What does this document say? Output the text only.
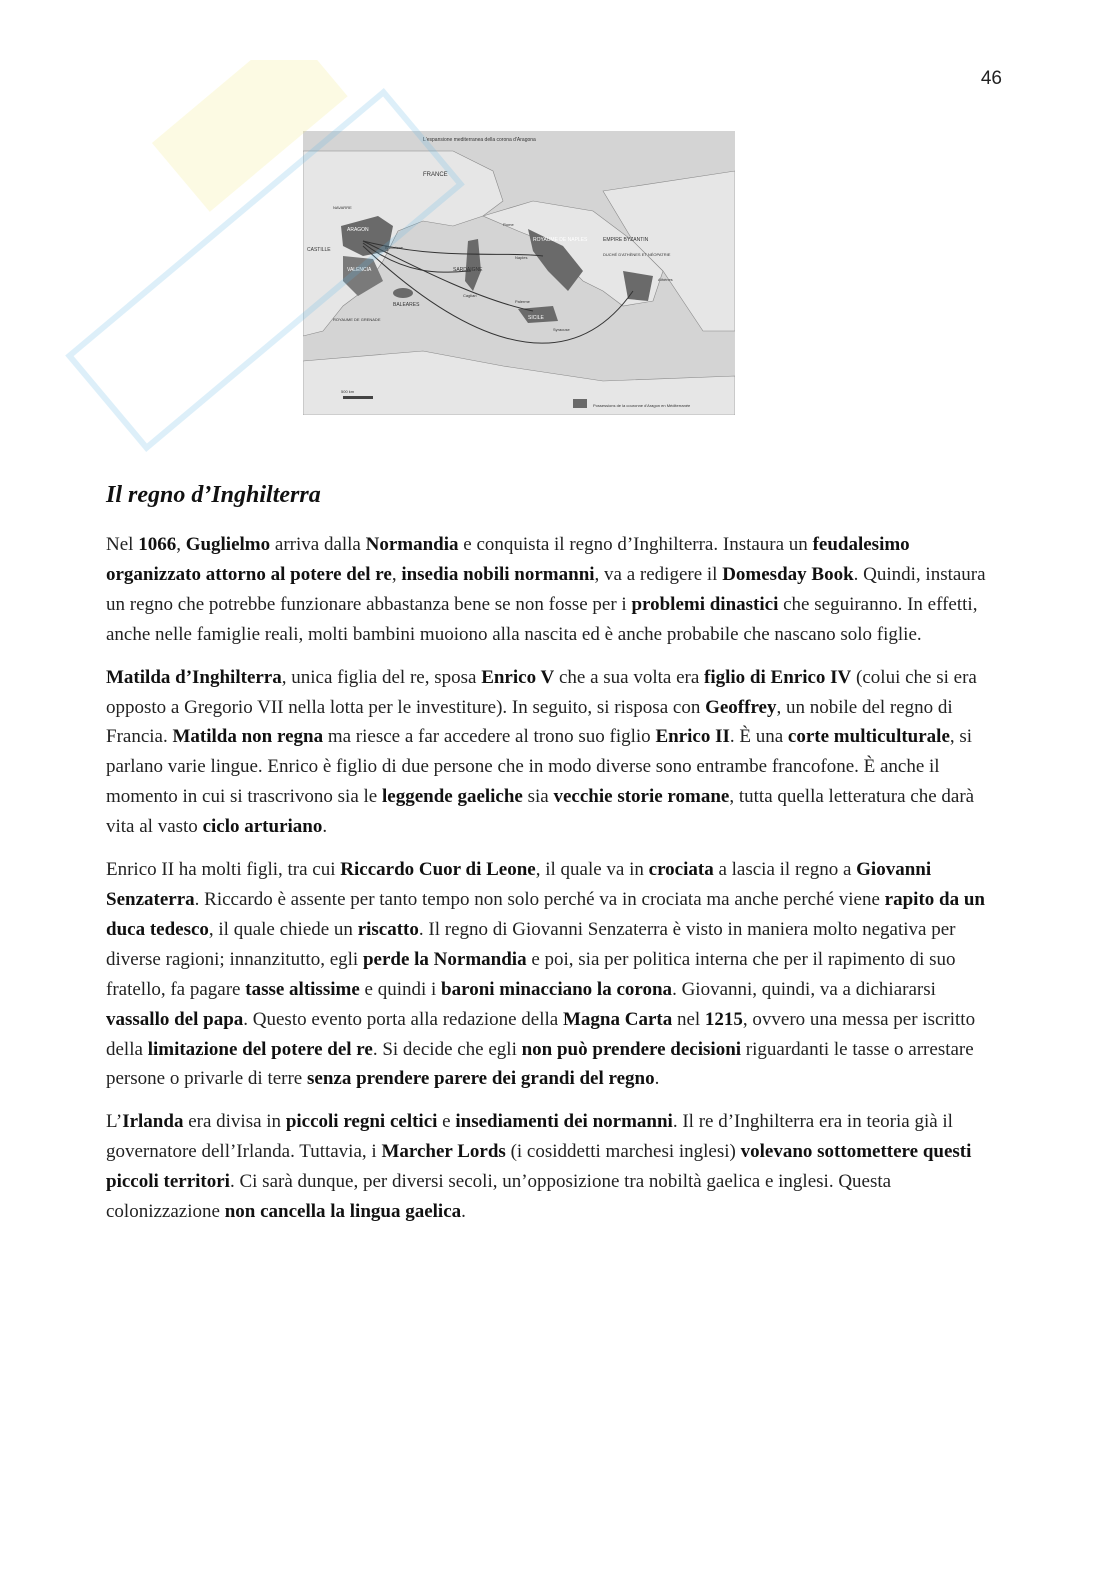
46
L'espansione mediterranea della corona d'Aragona
FRANCE
ARAGON
CASTILLE
VALENCIA
BALEARES
SARDAIGNE
ROYAUME DE NAPLES
SICILE
EMPIRE BYZANTIN
DUCHÉ D'ATHÈNES ET NÉOPATRIE
ROYAUME DE GRENADE
NAVARRE
Barcelone
Rome
Naples
Palerme
Cagliari
Syracuse
Athènes
500 km
Possessions de la couronne d'Aragon en Méditerranée
Il regno d’Inghilterra

Nel 1066, Guglielmo arriva dalla Normandia e conquista il regno d’Inghilterra. Instaura un feudalesimo organizzato attorno al potere del re, insedia nobili normanni, va a redigere il Domesday Book. Quindi, instaura un regno che potrebbe funzionare abbastanza bene se non fosse per i problemi dinastici che seguiranno. In effetti, anche nelle famiglie reali, molti bambini muoiono alla nascita ed è anche probabile che nascano solo figlie.

Matilda d’Inghilterra, unica figlia del re, sposa Enrico V che a sua volta era figlio di Enrico IV (colui che si era opposto a Gregorio VII nella lotta per le investiture). In seguito, si risposa con Geoffrey, un nobile del regno di Francia. Matilda non regna ma riesce a far accedere al trono suo figlio Enrico II. È una corte multiculturale, si parlano varie lingue. Enrico è figlio di due persone che in modo diverse sono entrambe francofone. È anche il momento in cui si trascrivono sia le leggende gaeliche sia vecchie storie romane, tutta quella letteratura che darà vita al vasto ciclo arturiano.

Enrico II ha molti figli, tra cui Riccardo Cuor di Leone, il quale va in crociata a lascia il regno a Giovanni Senzaterra. Riccardo è assente per tanto tempo non solo perché va in crociata ma anche perché viene rapito da un duca tedesco, il quale chiede un riscatto. Il regno di Giovanni Senzaterra è visto in maniera molto negativa per diverse ragioni; innanzitutto, egli perde la Normandia e poi, sia per politica interna che per il rapimento di suo fratello, fa pagare tasse altissime e quindi i baroni minacciano la corona. Giovanni, quindi, va a dichiararsi vassallo del papa. Questo evento porta alla redazione della Magna Carta nel 1215, ovvero una messa per iscritto della limitazione del potere del re. Si decide che egli non può prendere decisioni riguardanti le tasse o arrestare persone o privarle di terre senza prendere parere dei grandi del regno.

L’Irlanda era divisa in piccoli regni celtici e insediamenti dei normanni. Il re d’Inghilterra era in teoria già il governatore dell’Irlanda. Tuttavia, i Marcher Lords (i cosiddetti marchesi inglesi) volevano sottomettere questi piccoli territori. Ci sarà dunque, per diversi secoli, un’opposizione tra nobiltà gaelica e inglesi. Questa colonizzazione non cancella la lingua gaelica.
